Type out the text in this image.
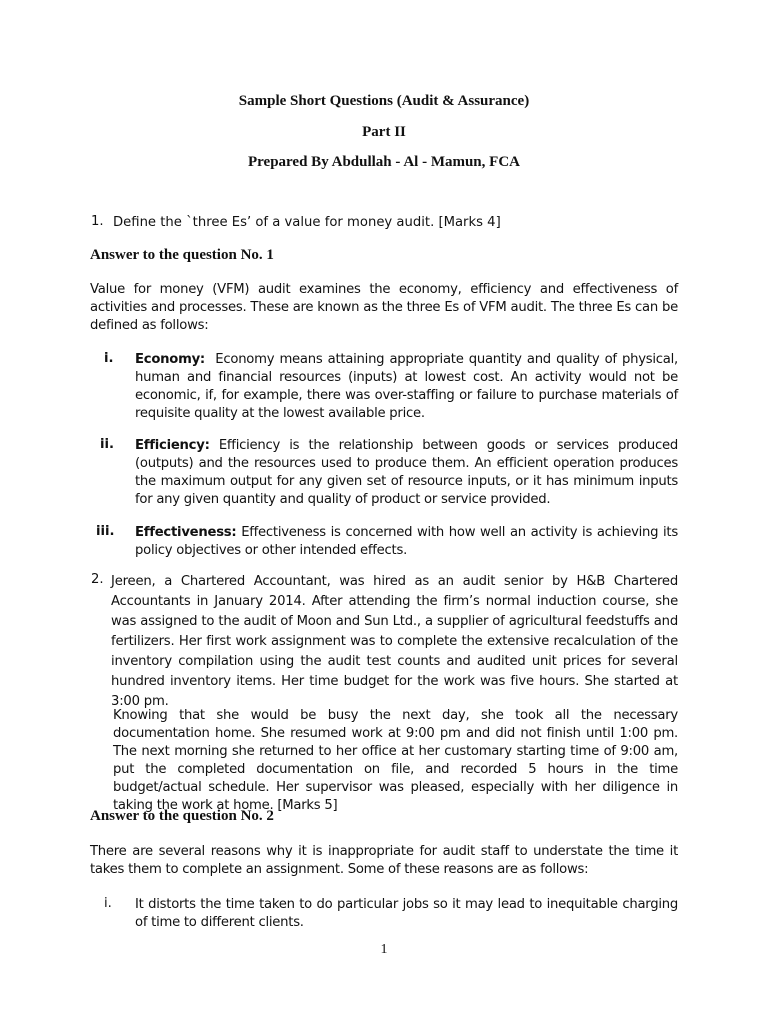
Sample Short Questions (Audit & Assurance)
Part II
Prepared By Abdullah - Al - Mamun, FCA
1. Define the `three Es’ of a value for money audit. [Marks 4]
Answer to the question No. 1
Value for money (VFM) audit examines the economy, efficiency and effectiveness of activities and processes. These are known as the three Es of VFM audit. The three Es can be defined as follows:
i. Economy: Economy means attaining appropriate quantity and quality of physical, human and financial resources (inputs) at lowest cost. An activity would not be economic, if, for example, there was over-staffing or failure to purchase materials of requisite quality at the lowest available price.
ii. Efficiency: Efficiency is the relationship between goods or services produced (outputs) and the resources used to produce them. An efficient operation produces the maximum output for any given set of resource inputs, or it has minimum inputs for any given quantity and quality of product or service provided.
iii. Effectiveness: Effectiveness is concerned with how well an activity is achieving its policy objectives or other intended effects.
2. Jereen, a Chartered Accountant, was hired as an audit senior by H&B Chartered Accountants in January 2014. After attending the firm’s normal induction course, she was assigned to the audit of Moon and Sun Ltd., a supplier of agricultural feedstuffs and fertilizers. Her first work assignment was to complete the extensive recalculation of the inventory compilation using the audit test counts and audited unit prices for several hundred inventory items. Her time budget for the work was five hours. She started at 3:00 pm.
Knowing that she would be busy the next day, she took all the necessary documentation home. She resumed work at 9:00 pm and did not finish until 1:00 pm. The next morning she returned to her office at her customary starting time of 9:00 am, put the completed documentation on file, and recorded 5 hours in the time budget/actual schedule. Her supervisor was pleased, especially with her diligence in taking the work at home. [Marks 5]
Answer to the question No. 2
There are several reasons why it is inappropriate for audit staff to understate the time it takes them to complete an assignment. Some of these reasons are as follows:
i. It distorts the time taken to do particular jobs so it may lead to inequitable charging of time to different clients.
1
